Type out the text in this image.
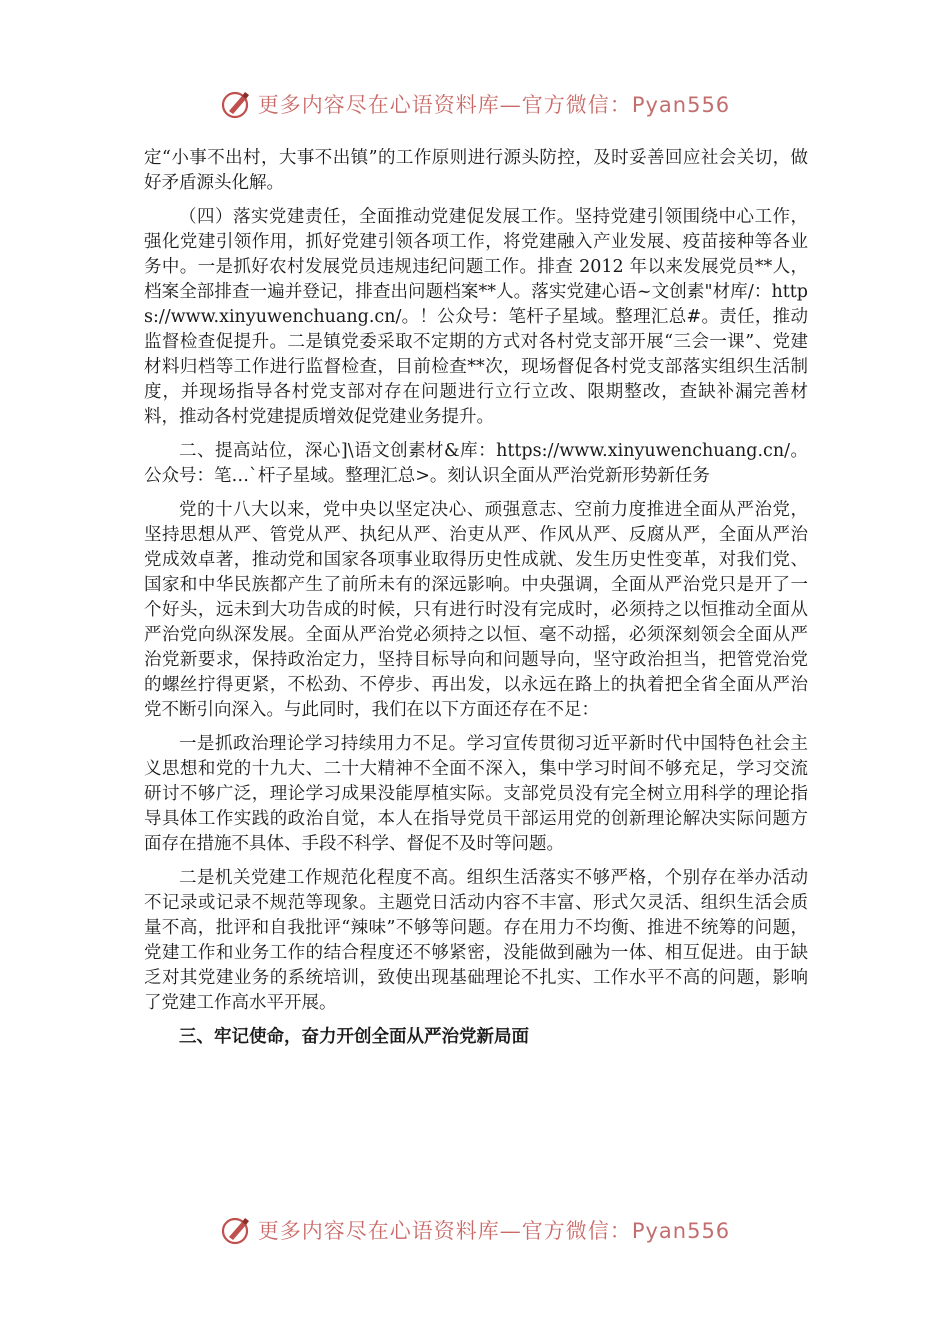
更多内容尽在心语资料库—官方微信：Pyan556

定“小事不出村，大事不出镇”的工作原则进行源头防控，及时妥善回应社会关切，做好矛盾源头化解。

（四）落实党建责任，全面推动党建促发展工作。坚持党建引领围绕中心工作，强化党建引领作用，抓好党建引领各项工作，将党建融入产业发展、疫苗接种等各业务中。一是抓好农村发展党员违规违纪问题工作。排查 2012 年以来发展党员**人，档案全部排查一遍并登记，排查出问题档案**人。落实党建心语~文创素"材库/：https://www.xinyuwenchuang.cn/。！公众号：笔杆子星域。整理汇总#。责任，推动监督检查促提升。二是镇党委采取不定期的方式对各村党支部开展“三会一课”、党建材料归档等工作进行监督检查，目前检查**次，现场督促各村党支部落实组织生活制度，并现场指导各村党支部对存在问题进行立行立改、限期整改，查缺补漏完善材料，推动各村党建提质增效促党建业务提升。

二、提高站位，深心]\语文创素材&库：https://www.xinyuwenchuang.cn/。公众号：笔…`杆子星域。整理汇总>。刻认识全面从严治党新形势新任务

党的十八大以来，党中央以坚定决心、顽强意志、空前力度推进全面从严治党，坚持思想从严、管党从严、执纪从严、治吏从严、作风从严、反腐从严，全面从严治党成效卓著，推动党和国家各项事业取得历史性成就、发生历史性变革，对我们党、国家和中华民族都产生了前所未有的深远影响。中央强调，全面从严治党只是开了一个好头，远未到大功告成的时候，只有进行时没有完成时，必须持之以恒推动全面从严治党向纵深发展。全面从严治党必须持之以恒、毫不动摇，必须深刻领会全面从严治党新要求，保持政治定力，坚持目标导向和问题导向，坚守政治担当，把管党治党的螺丝拧得更紧，不松劲、不停步、再出发，以永远在路上的执着把全省全面从严治党不断引向深入。与此同时，我们在以下方面还存在不足：

一是抓政治理论学习持续用力不足。学习宣传贯彻习近平新时代中国特色社会主义思想和党的十九大、二十大精神不全面不深入，集中学习时间不够充足，学习交流研讨不够广泛，理论学习成果没能厚植实际。支部党员没有完全树立用科学的理论指导具体工作实践的政治自觉，本人在指导党员干部运用党的创新理论解决实际问题方面存在措施不具体、手段不科学、督促不及时等问题。

二是机关党建工作规范化程度不高。组织生活落实不够严格，个别存在举办活动不记录或记录不规范等现象。主题党日活动内容不丰富、形式欠灵活、组织生活会质量不高，批评和自我批评“辣味”不够等问题。存在用力不均衡、推进不统筹的问题，党建工作和业务工作的结合程度还不够紧密，没能做到融为一体、相互促进。由于缺乏对其党建业务的系统培训，致使出现基础理论不扎实、工作水平不高的问题，影响了党建工作高水平开展。

三、牢记使命，奋力开创全面从严治党新局面

更多内容尽在心语资料库—官方微信：Pyan556
